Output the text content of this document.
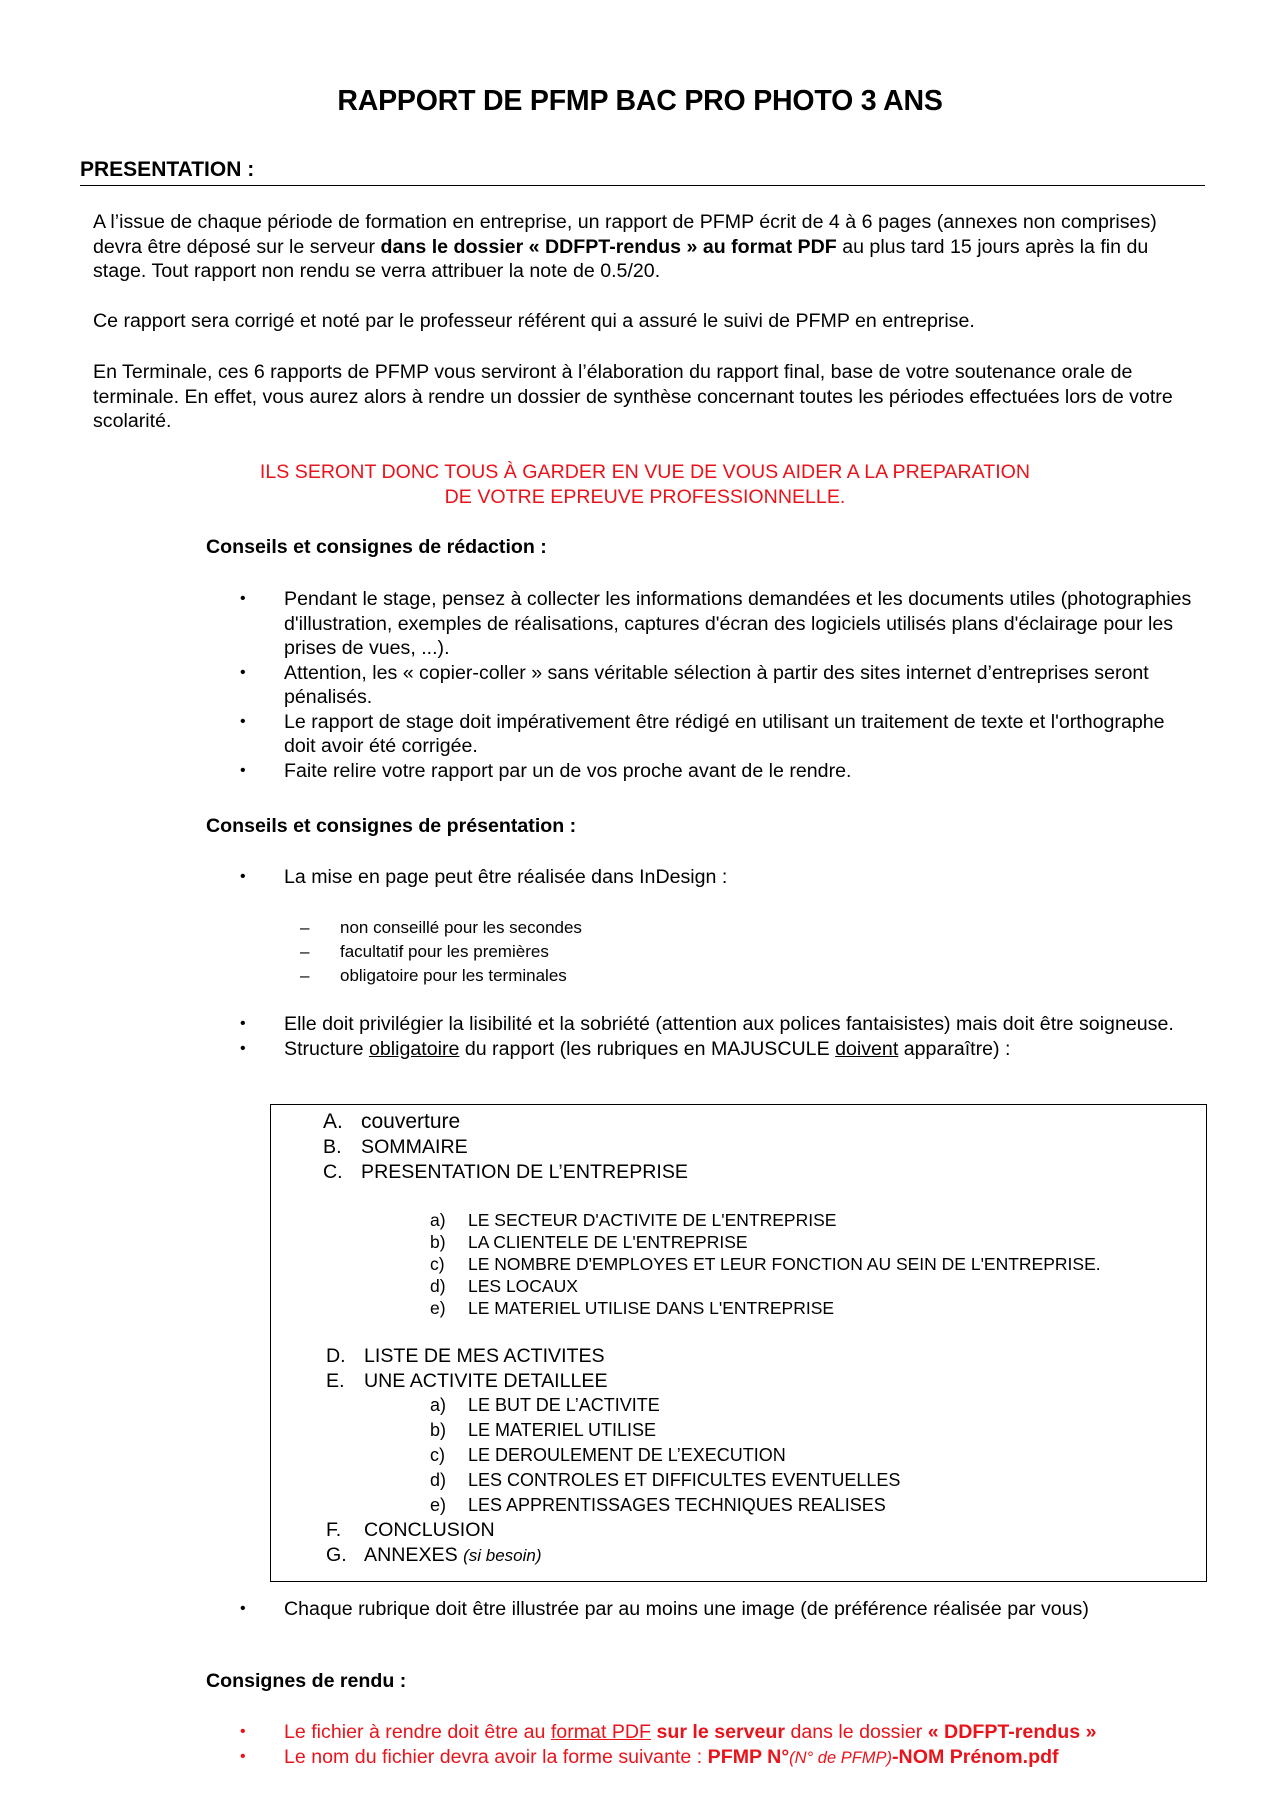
RAPPORT DE PFMP BAC PRO PHOTO 3 ANS
PRESENTATION :
A l’issue de chaque période de formation en entreprise, un rapport de PFMP écrit de 4 à 6 pages (annexes non comprises) devra être déposé sur le serveur dans le dossier « DDFPT-rendus » au format PDF au plus tard 15 jours après la fin du stage. Tout rapport non rendu se verra attribuer la note de 0.5/20.
Ce rapport sera corrigé et noté par le professeur référent qui a assuré le suivi de PFMP en entreprise.
En Terminale, ces 6 rapports de PFMP vous serviront à l’élaboration du rapport final, base de votre soutenance orale de terminale. En effet, vous aurez alors à rendre un dossier de synthèse concernant toutes les périodes effectuées lors de votre scolarité.
ILS SERONT DONC TOUS À GARDER EN VUE DE VOUS AIDER A LA PREPARATION
DE VOTRE EPREUVE PROFESSIONNELLE.
Conseils et consignes de rédaction :
• Pendant le stage, pensez à collecter les informations demandées et les documents utiles (photographies d'illustration, exemples de réalisations, captures d'écran des logiciels utilisés plans d'éclairage pour les prises de vues, ...).
• Attention, les « copier-coller » sans véritable sélection à partir des sites internet d’entreprises seront pénalisés.
• Le rapport de stage doit impérativement être rédigé en utilisant un traitement de texte et l'orthographe doit avoir été corrigée.
• Faite relire votre rapport par un de vos proche avant de le rendre.
Conseils et consignes de présentation :
• La mise en page peut être réalisée dans InDesign :
– non conseillé pour les secondes
– facultatif pour les premières
– obligatoire pour les terminales
• Elle doit privilégier la lisibilité et la sobriété (attention aux polices fantaisistes) mais doit être soigneuse.
• Structure obligatoire du rapport (les rubriques en MAJUSCULE doivent apparaître) :
A. couverture
B. SOMMAIRE
C. PRESENTATION DE L’ENTREPRISE
a) LE SECTEUR D'ACTIVITE DE L'ENTREPRISE
b) LA CLIENTELE DE L'ENTREPRISE
c) LE NOMBRE D'EMPLOYES ET LEUR FONCTION AU SEIN DE L'ENTREPRISE.
d) LES LOCAUX
e) LE MATERIEL UTILISE DANS L'ENTREPRISE
D. LISTE DE MES ACTIVITES
E. UNE ACTIVITE DETAILLEE
a) LE BUT DE L’ACTIVITE
b) LE MATERIEL UTILISE
c) LE DEROULEMENT DE L’EXECUTION
d) LES CONTROLES ET DIFFICULTES EVENTUELLES
e) LES APPRENTISSAGES TECHNIQUES REALISES
F. CONCLUSION
G. ANNEXES (si besoin)
• Chaque rubrique doit être illustrée par au moins une image (de préférence réalisée par vous)
Consignes de rendu :
• Le fichier à rendre doit être au format PDF sur le serveur dans le dossier « DDFPT-rendus »
• Le nom du fichier devra avoir la forme suivante : PFMP N°(N° de PFMP)-NOM Prénom.pdf
